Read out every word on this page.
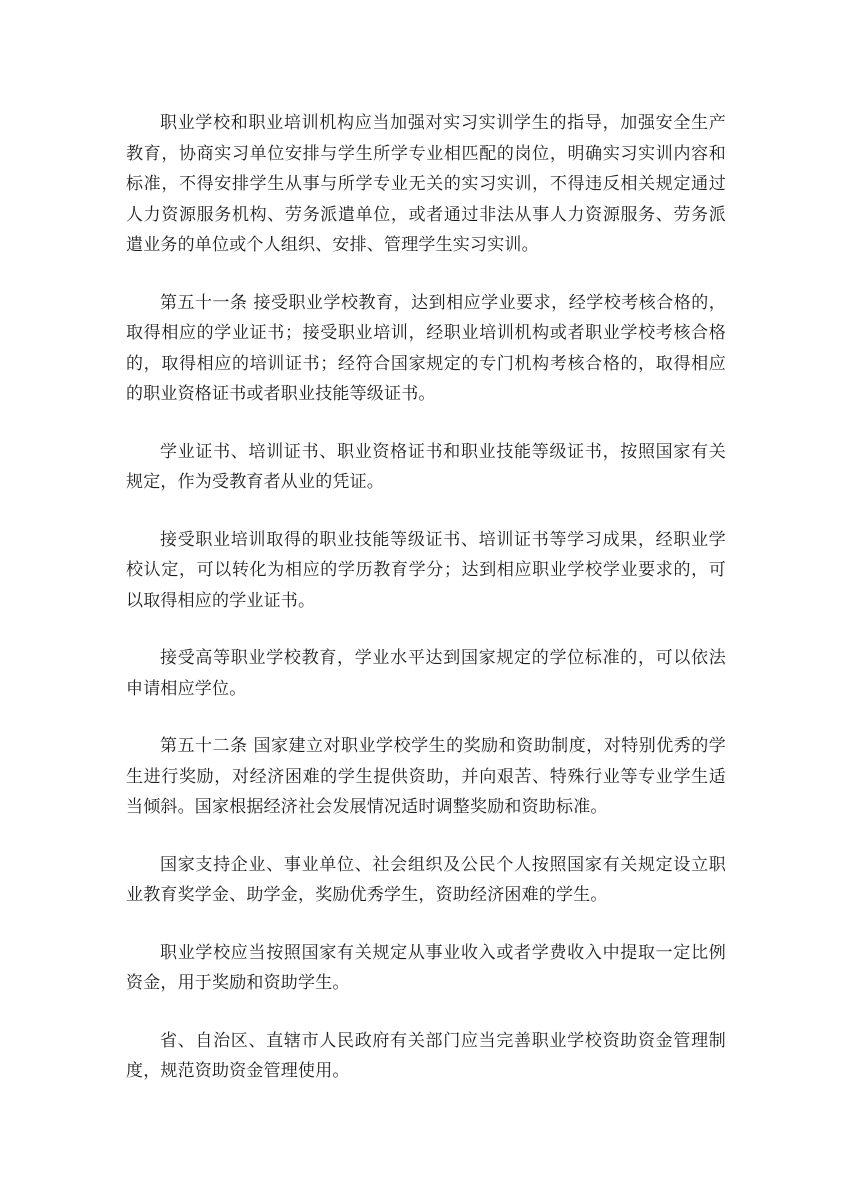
职业学校和职业培训机构应当加强对实习实训学生的指导，加强安全生产教育，协商实习单位安排与学生所学专业相匹配的岗位，明确实习实训内容和标准，不得安排学生从事与所学专业无关的实习实训，不得违反相关规定通过人力资源服务机构、劳务派遣单位，或者通过非法从事人力资源服务、劳务派遣业务的单位或个人组织、安排、管理学生实习实训。

第五十一条 接受职业学校教育，达到相应学业要求，经学校考核合格的，取得相应的学业证书；接受职业培训，经职业培训机构或者职业学校考核合格的，取得相应的培训证书；经符合国家规定的专门机构考核合格的，取得相应的职业资格证书或者职业技能等级证书。

学业证书、培训证书、职业资格证书和职业技能等级证书，按照国家有关规定，作为受教育者从业的凭证。

接受职业培训取得的职业技能等级证书、培训证书等学习成果，经职业学校认定，可以转化为相应的学历教育学分；达到相应职业学校学业要求的，可以取得相应的学业证书。

接受高等职业学校教育，学业水平达到国家规定的学位标准的，可以依法申请相应学位。

第五十二条 国家建立对职业学校学生的奖励和资助制度，对特别优秀的学生进行奖励，对经济困难的学生提供资助，并向艰苦、特殊行业等专业学生适当倾斜。国家根据经济社会发展情况适时调整奖励和资助标准。

国家支持企业、事业单位、社会组织及公民个人按照国家有关规定设立职业教育奖学金、助学金，奖励优秀学生，资助经济困难的学生。

职业学校应当按照国家有关规定从事业收入或者学费收入中提取一定比例资金，用于奖励和资助学生。

省、自治区、直辖市人民政府有关部门应当完善职业学校资助资金管理制度，规范资助资金管理使用。
